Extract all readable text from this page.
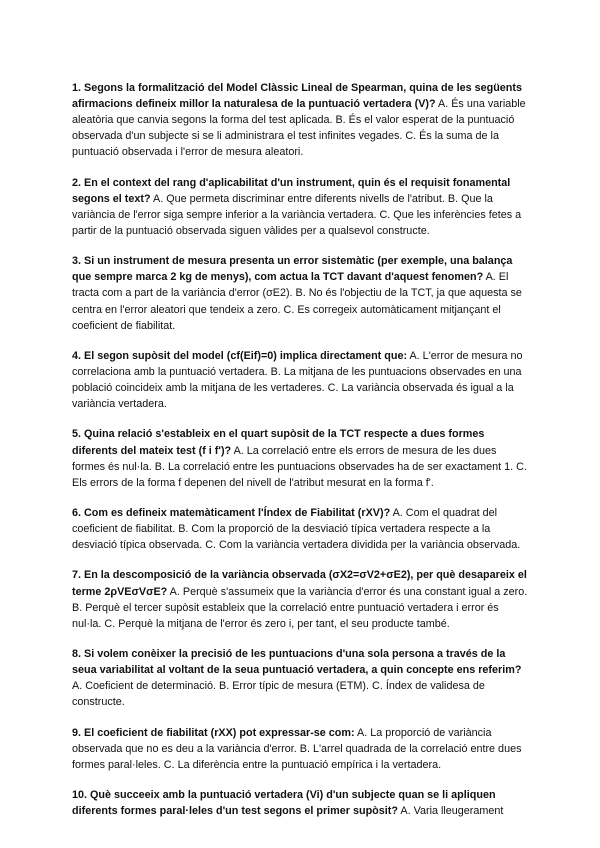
1. Segons la formalització del Model Clàssic Lineal de Spearman, quina de les següents afirmacions defineix millor la naturalesa de la puntuació vertadera (V)? A. És una variable aleatòria que canvia segons la forma del test aplicada. B. És el valor esperat de la puntuació observada d'un subjecte si se li administrara el test infinites vegades. C. És la suma de la puntuació observada i l'error de mesura aleatori.

2. En el context del rang d'aplicabilitat d'un instrument, quin és el requisit fonamental segons el text? A. Que permeta discriminar entre diferents nivells de l'atribut. B. Que la variància de l'error siga sempre inferior a la variància vertadera. C. Que les inferències fetes a partir de la puntuació observada siguen vàlides per a qualsevol constructe.

3. Si un instrument de mesura presenta un error sistemàtic (per exemple, una balança que sempre marca 2 kg de menys), com actua la TCT davant d'aquest fenomen? A. El tracta com a part de la variància d'error (σE2). B. No és l'objectiu de la TCT, ja que aquesta se centra en l'error aleatori que tendeix a zero. C. Es corregeix automàticament mitjançant el coeficient de fiabilitat.

4. El segon supòsit del model (cf(Eif)=0) implica directament que: A. L'error de mesura no correlaciona amb la puntuació vertadera. B. La mitjana de les puntuacions observades en una població coincideix amb la mitjana de les vertaderes. C. La variància observada és igual a la variància vertadera.

5. Quina relació s'estableix en el quart supòsit de la TCT respecte a dues formes diferents del mateix test (f i f')? A. La correlació entre els errors de mesura de les dues formes és nul·la. B. La correlació entre les puntuacions observades ha de ser exactament 1. C. Els errors de la forma f depenen del nivell de l'atribut mesurat en la forma f'.

6. Com es defineix matemàticament l'Índex de Fiabilitat (rXV)? A. Com el quadrat del coeficient de fiabilitat. B. Com la proporció de la desviació típica vertadera respecte a la desviació típica observada. C. Com la variància vertadera dividida per la variància observada.

7. En la descomposició de la variància observada (σX2=σV2+σE2), per què desapareix el terme 2ρVEσVσE? A. Perquè s'assumeix que la variància d'error és una constant igual a zero. B. Perquè el tercer supòsit estableix que la correlació entre puntuació vertadera i error és nul·la. C. Perquè la mitjana de l'error és zero i, per tant, el seu producte també.

8. Si volem conèixer la precisió de les puntuacions d'una sola persona a través de la seua variabilitat al voltant de la seua puntuació vertadera, a quin concepte ens referim? A. Coeficient de determinació. B. Error típic de mesura (ETM). C. Índex de validesa de constructe.

9. El coeficient de fiabilitat (rXX) pot expressar-se com: A. La proporció de variància observada que no es deu a la variància d'error. B. L'arrel quadrada de la correlació entre dues formes paral·leles. C. La diferència entre la puntuació empírica i la vertadera.

10. Què succeeix amb la puntuació vertadera (Vi) d'un subjecte quan se li apliquen diferents formes paral·leles d'un test segons el primer supòsit? A. Varia lleugerament
